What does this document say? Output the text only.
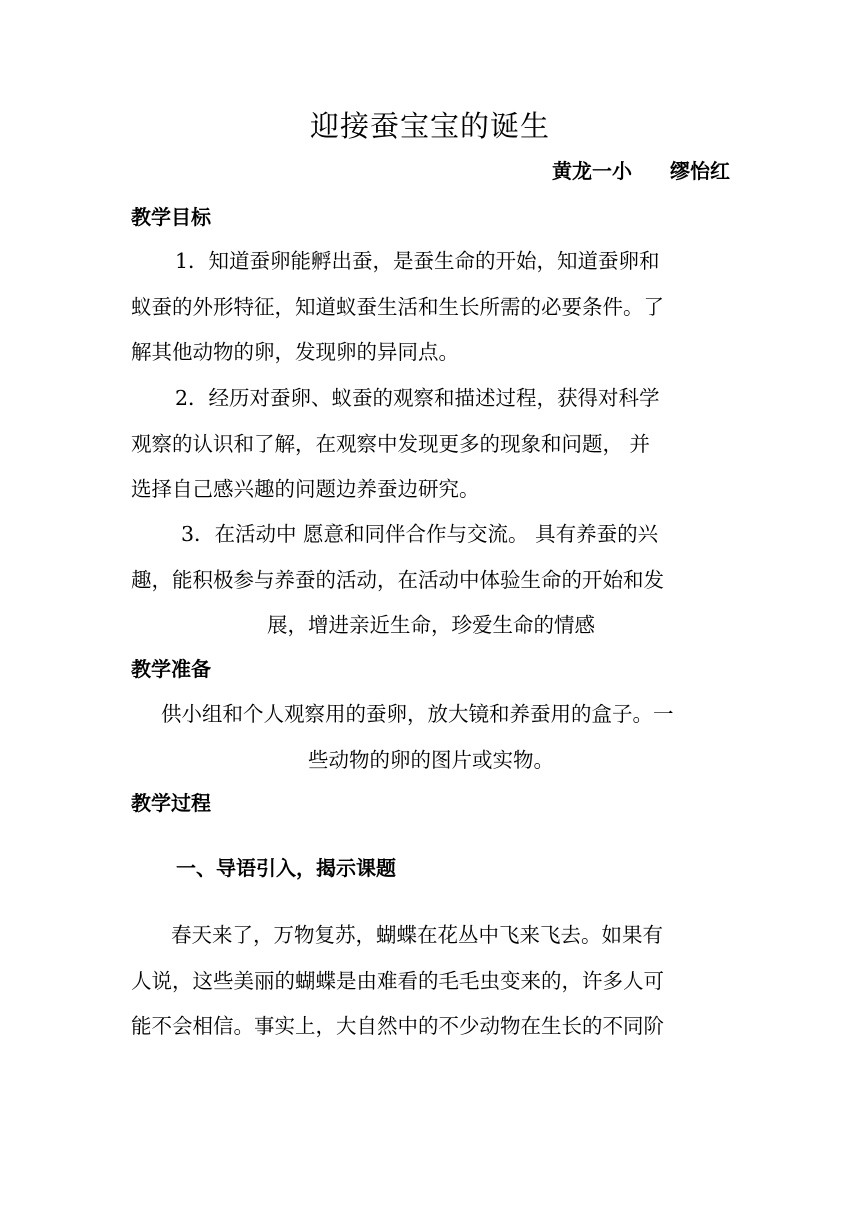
迎接蚕宝宝的诞生
黄龙一小 缪怡红
教学目标
1．知道蚕卵能孵出蚕，是蚕生命的开始，知道蚕卵和
蚁蚕的外形特征，知道蚁蚕生活和生长所需的必要条件。了
解其他动物的卵，发现卵的异同点。
2．经历对蚕卵、蚁蚕的观察和描述过程，获得对科学
观察的认识和了解，在观察中发现更多的现象和问题， 并
选择自己感兴趣的问题边养蚕边研究。
3．在活动中 愿意和同伴合作与交流。 具有养蚕的兴
趣，能积极参与养蚕的活动，在活动中体验生命的开始和发
展，增进亲近生命，珍爱生命的情感
教学准备
供小组和个人观察用的蚕卵，放大镜和养蚕用的盒子。一
些动物的卵的图片或实物。
教学过程
一、导语引入，揭示课题
春天来了，万物复苏，蝴蝶在花丛中飞来飞去。如果有
人说，这些美丽的蝴蝶是由难看的毛毛虫变来的，许多人可
能不会相信。事实上，大自然中的不少动物在生长的不同阶
